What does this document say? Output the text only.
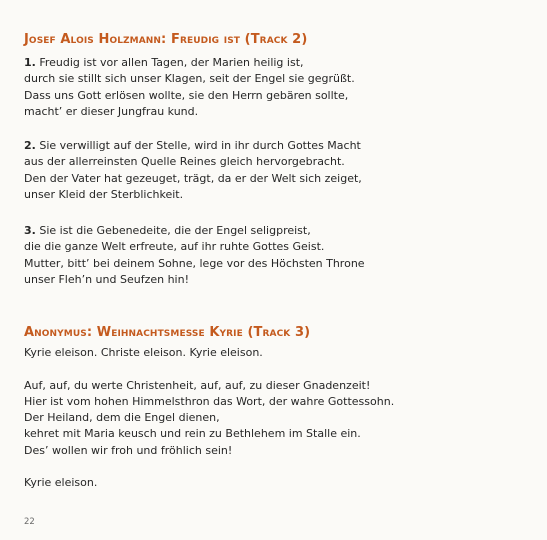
Josef Alois Holzmann: Freudig ist (Track 2)
1. Freudig ist vor allen Tagen, der Marien heilig ist,
durch sie stillt sich unser Klagen, seit der Engel sie gegrüßt.
Dass uns Gott erlösen wollte, sie den Herrn gebären sollte,
macht’ er dieser Jungfrau kund.
2. Sie verwilligt auf der Stelle, wird in ihr durch Gottes Macht
aus der allerreinsten Quelle Reines gleich hervorgebracht.
Den der Vater hat gezeuget, trägt, da er der Welt sich zeiget,
unser Kleid der Sterblichkeit.
3. Sie ist die Gebenedeite, die der Engel seligpreist,
die die ganze Welt erfreute, auf ihr ruhte Gottes Geist.
Mutter, bitt’ bei deinem Sohne, lege vor des Höchsten Throne
unser Fleh’n und Seufzen hin!
Anonymus: Weihnachtsmesse Kyrie (Track 3)
Kyrie eleison. Christe eleison. Kyrie eleison.

Auf, auf, du werte Christenheit, auf, auf, zu dieser Gnadenzeit!
Hier ist vom hohen Himmelsthron das Wort, der wahre Gottessohn.
Der Heiland, dem die Engel dienen,
kehret mit Maria keusch und rein zu Bethlehem im Stalle ein.
Des’ wollen wir froh und fröhlich sein!

Kyrie eleison.
22
